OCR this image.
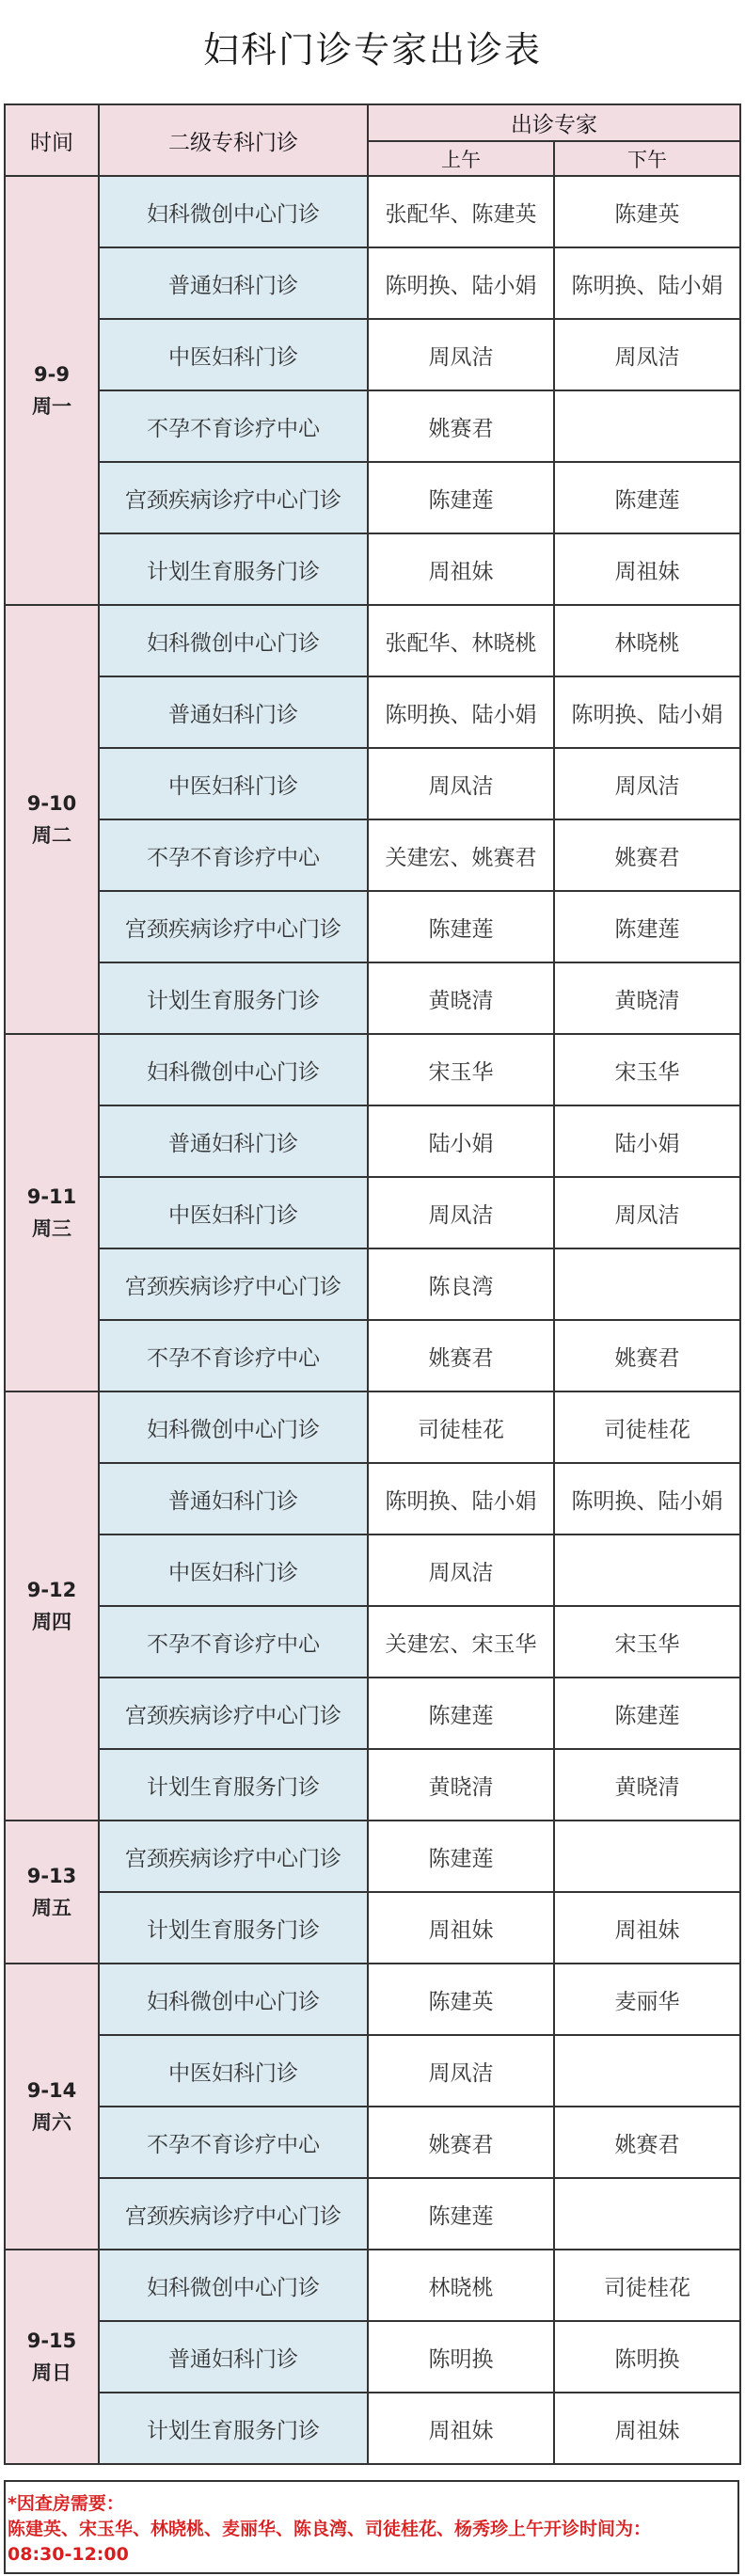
妇科门诊专家出诊表
时间	二级专科门诊	出诊专家	
		上午	下午

9-9
周一	妇科微创中心门诊	张配华、陈建英	陈建英
	普通妇科门诊	陈明换、陆小娟	陈明换、陆小娟
	中医妇科门诊	周凤洁	周凤洁
	不孕不育诊疗中心	姚赛君	
	宫颈疾病诊疗中心门诊	陈建莲	陈建莲
	计划生育服务门诊	周祖妹	周祖妹

9-10
周二	妇科微创中心门诊	张配华、林晓桃	林晓桃
	普通妇科门诊	陈明换、陆小娟	陈明换、陆小娟
	中医妇科门诊	周凤洁	周凤洁
	不孕不育诊疗中心	关建宏、姚赛君	姚赛君
	宫颈疾病诊疗中心门诊	陈建莲	陈建莲
	计划生育服务门诊	黄晓清	黄晓清

9-11
周三	妇科微创中心门诊	宋玉华	宋玉华
	普通妇科门诊	陆小娟	陆小娟
	中医妇科门诊	周凤洁	周凤洁
	宫颈疾病诊疗中心门诊	陈良湾	
	不孕不育诊疗中心	姚赛君	姚赛君

9-12
周四	妇科微创中心门诊	司徒桂花	司徒桂花
	普通妇科门诊	陈明换、陆小娟	陈明换、陆小娟
	中医妇科门诊	周凤洁	
	不孕不育诊疗中心	关建宏、宋玉华	宋玉华
	宫颈疾病诊疗中心门诊	陈建莲	陈建莲
	计划生育服务门诊	黄晓清	黄晓清

9-13
周五	宫颈疾病诊疗中心门诊	陈建莲	
	计划生育服务门诊	周祖妹	周祖妹

9-14
周六	妇科微创中心门诊	陈建英	麦丽华
	中医妇科门诊	周凤洁	
	不孕不育诊疗中心	姚赛君	姚赛君
	宫颈疾病诊疗中心门诊	陈建莲	

9-15
周日	妇科微创中心门诊	林晓桃	司徒桂花
	普通妇科门诊	陈明换	陈明换
	计划生育服务门诊	周祖妹	周祖妹
*因查房需要：
陈建英、宋玉华、林晓桃、麦丽华、陈良湾、司徒桂花、杨秀珍上午开诊时间为：
08:30-12:00
